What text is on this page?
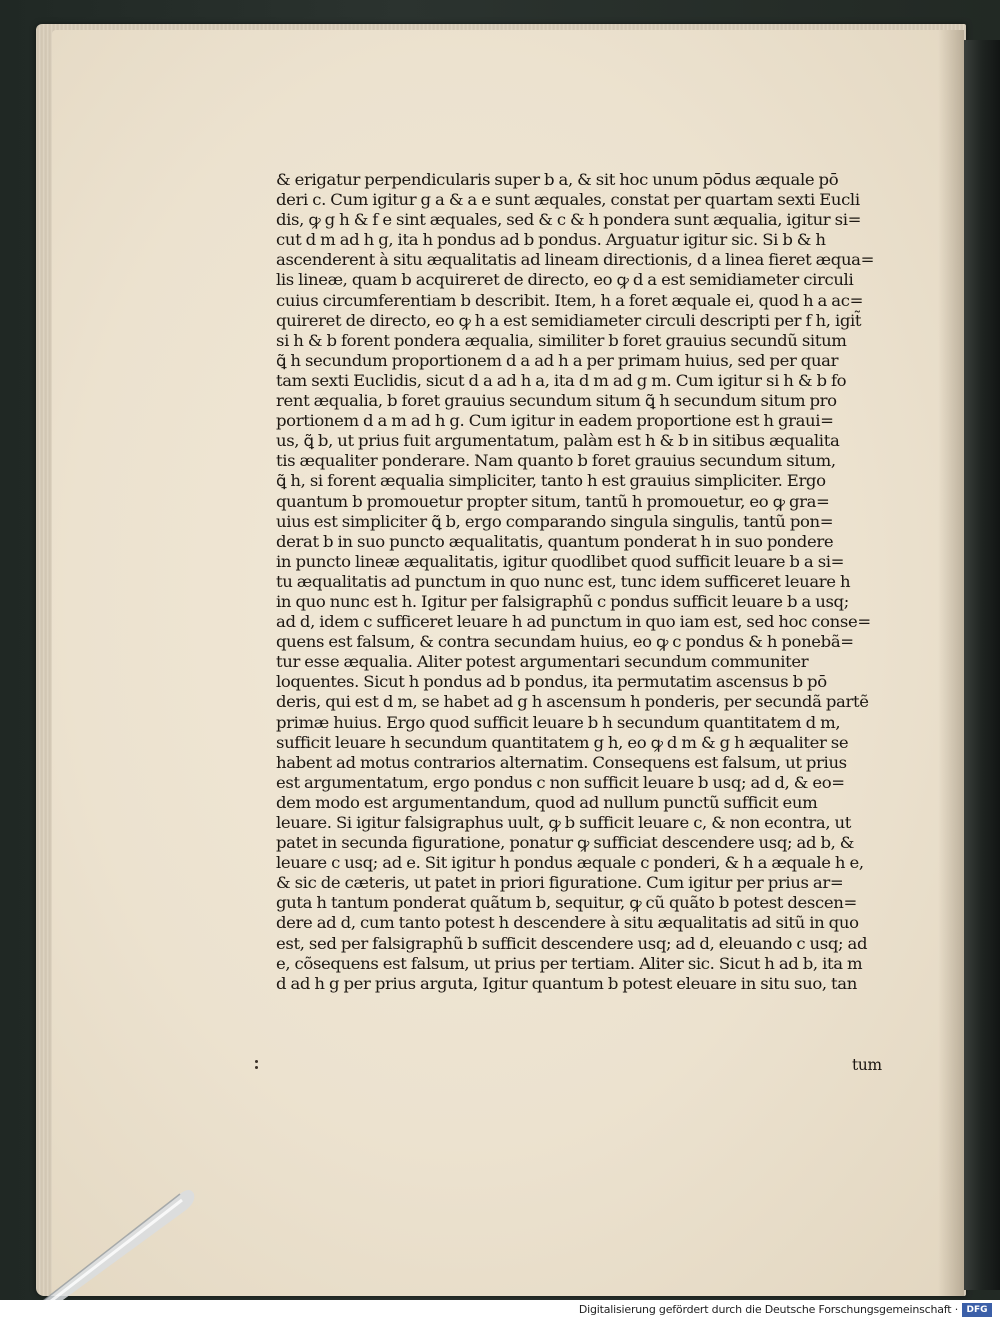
& erigatur perpendicularis super b a, & sit hoc unum pōdus æquale pō
deri c. Cum igitur g a & a e sunt æquales, constat per quartam sexti Eucli
dis, ꝙ g h & f e sint æquales, sed & c & h pondera sunt æqualia, igitur si=
cut d m ad h g, ita h pondus ad b pondus. Arguatur igitur sic. Si b & h
ascenderent à situ æqualitatis ad lineam directionis, d a linea fieret æqua=
lis lineæ, quam b acquireret de directo, eo ꝙ d a est semidiameter circuli
cuius circumferentiam b describit. Item, h a foret æquale ei, quod h a ac=
quireret de directo, eo ꝙ h a est semidiameter circuli descripti per f h, igit̃
si h & b forent pondera æqualia, similiter b foret grauius secundũ situm
ꝗ̃ h secundum proportionem d a ad h a per primam huius, sed per quar
tam sexti Euclidis, sicut d a ad h a, ita d m ad g m. Cum igitur si h & b fo
rent æqualia, b foret grauius secundum situm ꝗ̃ h secundum situm pro
portionem d a m ad h g. Cum igitur in eadem proportione est h graui=
us, ꝗ̃ b, ut prius fuit argumentatum, palàm est h & b in sitibus æqualita
tis æqualiter ponderare. Nam quanto b foret grauius secundum situm,
ꝗ̃ h, si forent æqualia simpliciter, tanto h est grauius simpliciter. Ergo
quantum b promouetur propter situm, tantũ h promouetur, eo ꝙ gra=
uius est simpliciter ꝗ̃ b, ergo comparando singula singulis, tantũ pon=
derat b in suo puncto æqualitatis, quantum ponderat h in suo pondere
in puncto lineæ æqualitatis, igitur quodlibet quod sufficit leuare b a si=
tu æqualitatis ad punctum in quo nunc est, tunc idem sufficeret leuare h
in quo nunc est h. Igitur per falsigraphũ c pondus sufficit leuare b a usq;
ad d, idem c sufficeret leuare h ad punctum in quo iam est, sed hoc conse=
quens est falsum, & contra secundam huius, eo ꝙ c pondus & h ponebã=
tur esse æqualia. Aliter potest argumentari secundum communiter
loquentes. Sicut h pondus ad b pondus, ita permutatim ascensus b pō
deris, qui est d m, se habet ad g h ascensum h ponderis, per secundã partẽ
primæ huius. Ergo quod sufficit leuare b h secundum quantitatem d m,
sufficit leuare h secundum quantitatem g h, eo ꝙ d m & g h æqualiter se
habent ad motus contrarios alternatim. Consequens est falsum, ut prius
est argumentatum, ergo pondus c non sufficit leuare b usq; ad d, & eo=
dem modo est argumentandum, quod ad nullum punctũ sufficit eum
leuare. Si igitur falsigraphus uult, ꝙ b sufficit leuare c, & non econtra, ut
patet in secunda figuratione, ponatur ꝙ sufficiat descendere usq; ad b, &
leuare c usq; ad e. Sit igitur h pondus æquale c ponderi, & h a æquale h e,
& sic de cæteris, ut patet in priori figuratione. Cum igitur per prius ar=
guta h tantum ponderat quãtum b, sequitur, ꝙ cũ quãto b potest descen=
dere ad d, cum tanto potest h descendere à situ æqualitatis ad sitũ in quo
est, sed per falsigraphũ b sufficit descendere usq; ad d, eleuando c usq; ad
e, cõsequens est falsum, ut prius per tertiam. Aliter sic. Sicut h ad b, ita m
d ad h g per prius arguta, Igitur quantum b potest eleuare in situ suo, tan
tum
Digitalisierung gefördert durch die Deutsche Forschungsgemeinschaft · DFG
